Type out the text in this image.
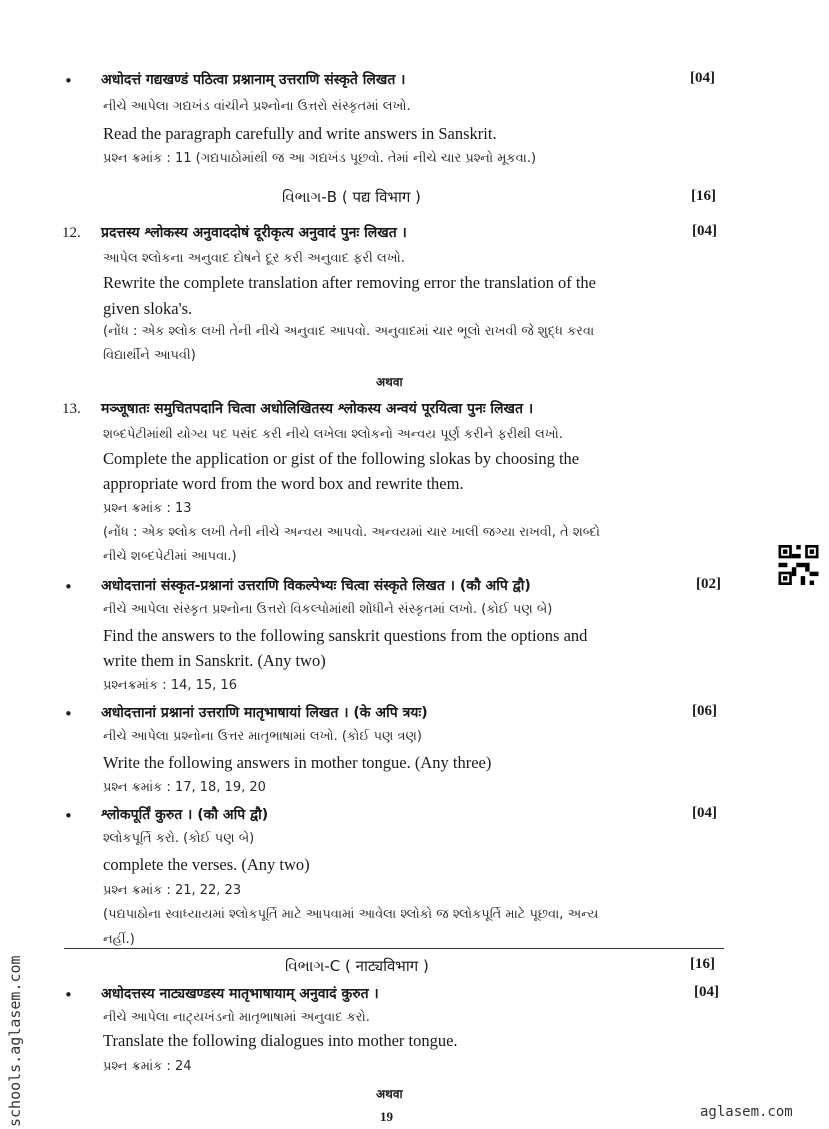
• अधोदत्तं गद्यखण्डं पठित्वा प्रश्नानाम् उत्तराणि संस्कृते लिखत ।	[04]
નીચે આપેલા ગદ્યખંડ વાંચીને પ્રશ્નોના ઉત્તરો સંસ્કૃતમાં લખો.
Read the paragraph carefully and write answers in Sanskrit.
પ્રશ્ન ક્રમાંક : 11 (ગદ્યપાઠોમાંથી જ આ ગદ્યખંડ પૂછવો. તેમાં નીચે ચાર પ્રશ્નો મૂકવા.)
વિભાગ-B ( पद्य विभाग )	[16]
12. प्रदत्तस्य श्लोकस्य अनुवाददोषं दूरीकृत्य अनुवादं पुनः लिखत ।	[04]
આપેલ શ્લોકના અનુવાદ દોષને દૂર કરી અનુવાદ ફરી લખો.
Rewrite the complete translation after removing error the translation of the
given sloka's.
(નોંધ : એક શ્લોક લખી તેની નીચે અનુવાદ આપવો. અનુવાદમાં ચાર ભૂલો રાખવી જે શુદ્ધ કરવા
વિદ્યાર્થીને આપવી)
अथवा
13. मञ्जूषातः समुचितपदानि चित्वा अधोलिखितस्य श्लोकस्य अन्वयं पूरयित्वा पुनः लिखत ।
શબ્દપેટીમાંથી યોગ્ય પદ પસંદ કરી નીચે લખેલા શ્લોકનો અન્વય પૂર્ણ કરીને ફરીથી લખો.
Complete the application or gist of the following slokas by choosing the
appropriate word from the word box and rewrite them.
પ્રશ્ન ક્રમાંક : 13
(નોંધ : એક શ્લોક લખી તેની નીચે અન્વય આપવો. અન્વયમાં ચાર ખાલી જગ્યા રાખવી, તે શબ્દો
નીચે શબ્દપેટીમાં આપવા.)
• अधोदत्तानां संस्कृत-प्रश्नानां उत्तराणि विकल्पेभ्यः चित्वा संस्कृते लिखत । (कौ अपि द्वौ)	[02]
નીચે આપેલા સંસ્કૃત પ્રશ્નોના ઉત્તરો વિકલ્પોમાંથી શોધીને સંસ્કૃતમાં લખો. (કોઈ પણ બે)
Find the answers to the following sanskrit questions from the options and
write them in Sanskrit. (Any two)
પ્રશ્નક્રમાંક : 14, 15, 16
• अधोदत्तानां प्रश्नानां उत्तराणि मातृभाषायां लिखत । (के अपि त्रयः)	[06]
નીચે આપેલા પ્રશ્નોના ઉત્તર માતૃભાષામાં લખો. (કોઈ પણ ત્રણ)
Write the following answers in mother tongue. (Any three)
પ્રશ્ન ક્રમાંક : 17, 18, 19, 20
• श्लोकपूर्तिं कुरुत । (कौ अपि द्वौ)	[04]
શ્લોકપૂર્તિ કરો. (કોઈ પણ બે)
complete the verses. (Any two)
પ્રશ્ન ક્રમાંક : 21, 22, 23
(પદ્યપાઠોના સ્વાધ્યાયમાં શ્લોકપૂર્તિ માટે આપવામાં આવેલા શ્લોકો જ શ્લોકપૂર્તિ માટે પૂછવા, અન્ય
નહીં.)
વિભાગ-C ( नाट्यविभाग )	[16]
• अधोदत्तस्य नाट्यखण्डस्य मातृभाषायाम् अनुवादं कुरुत ।	[04]
નીચે આપેલા નાટ્યખંડનો માતૃભાષામાં અનુવાદ કરો.
Translate the following dialogues into mother tongue.
પ્રશ્ન ક્રમાંક : 24
अथवा
19
schools.aglasem.com	aglasem.com
